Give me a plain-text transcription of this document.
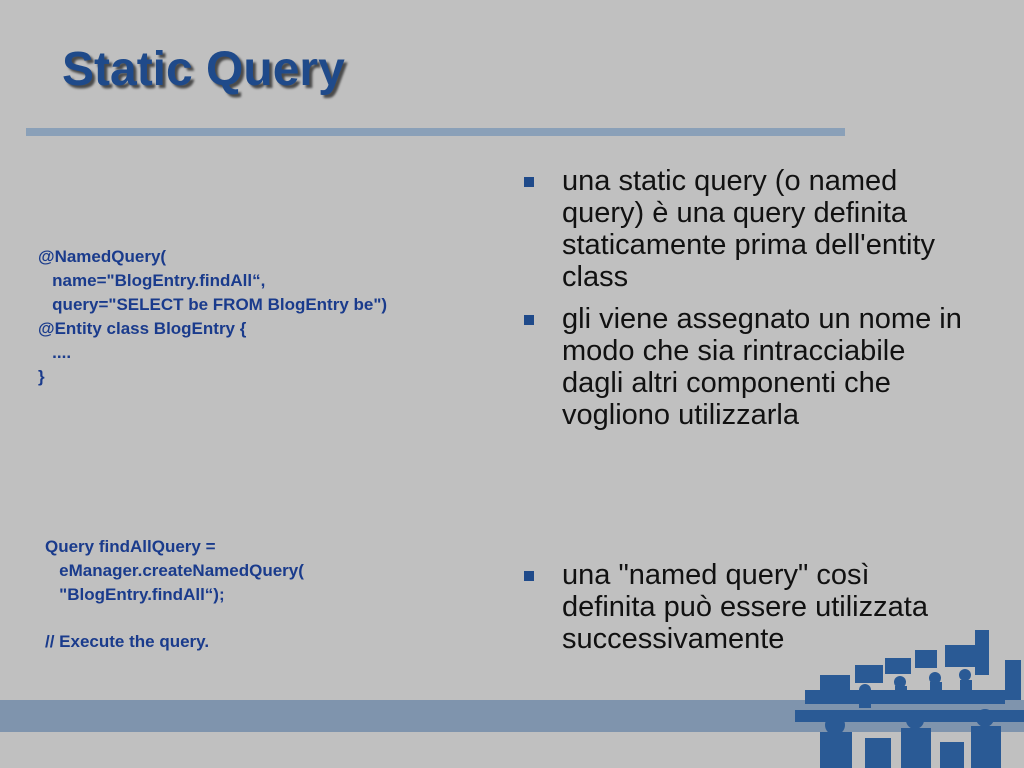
Static Query
@NamedQuery(
name="BlogEntry.findAll“,
query="SELECT be FROM BlogEntry be")
@Entity class BlogEntry {
....
}
Query findAllQuery =
eManager.createNamedQuery(
"BlogEntry.findAll“);
// Execute the query.
una static query (o named query) è una query definita staticamente prima dell'entity class
gli viene assegnato un nome in modo che sia rintracciabile dagli altri componenti che vogliono utilizzarla
una "named query" così definita può essere utilizzata successivamente
